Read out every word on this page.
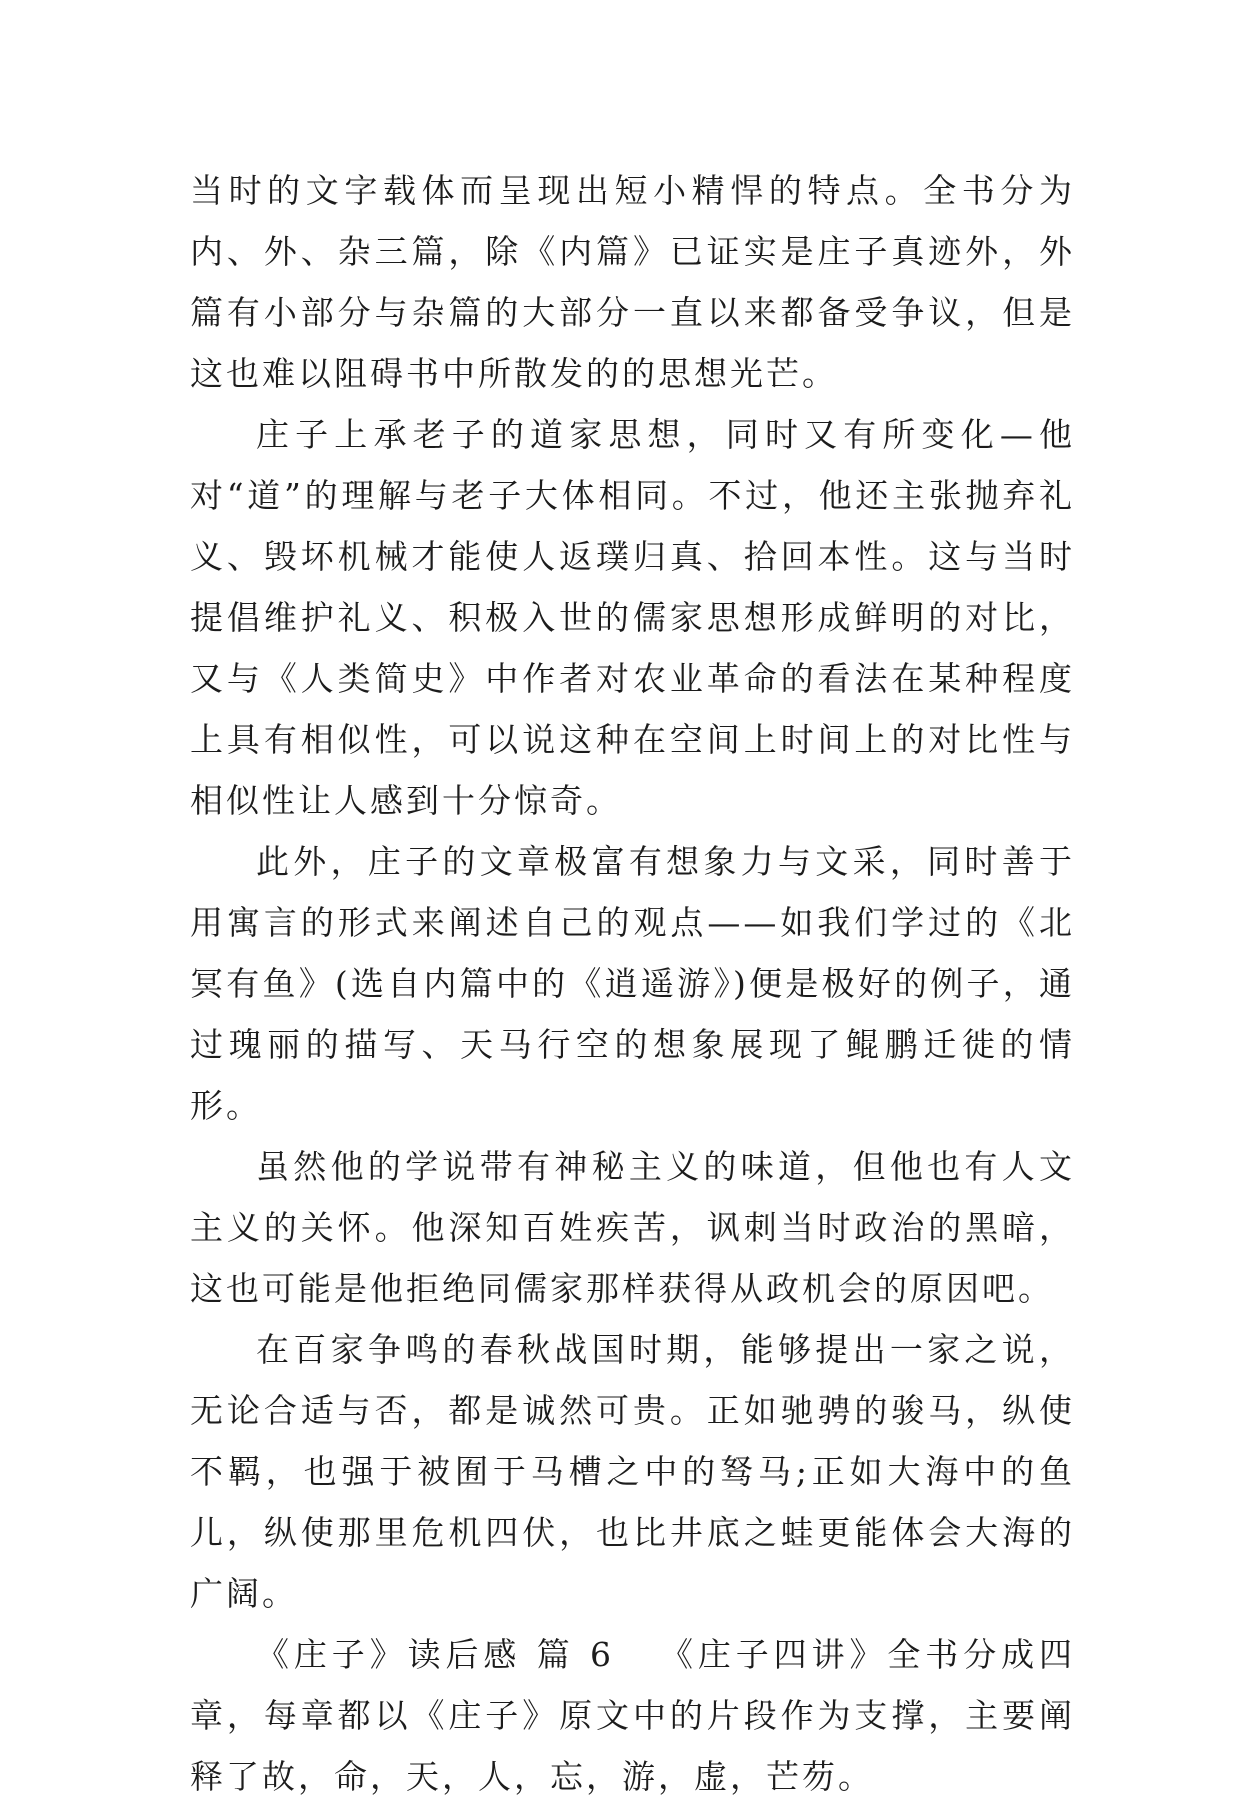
当时的文字载体而呈现出短小精悍的特点。全书分为内、外、杂三篇，除《内篇》已证实是庄子真迹外，外篇有小部分与杂篇的大部分一直以来都备受争议，但是这也难以阻碍书中所散发的的思想光芒。

庄子上承老子的道家思想，同时又有所变化—他对“道”的理解与老子大体相同。不过，他还主张抛弃礼义、毁坏机械才能使人返璞归真、拾回本性。这与当时提倡维护礼义、积极入世的儒家思想形成鲜明的对比，又与《人类简史》中作者对农业革命的看法在某种程度上具有相似性，可以说这种在空间上时间上的对比性与相似性让人感到十分惊奇。

此外，庄子的文章极富有想象力与文采，同时善于用寓言的形式来阐述自己的观点——如我们学过的《北冥有鱼》(选自内篇中的《逍遥游》)便是极好的例子，通过瑰丽的描写、天马行空的想象展现了鲲鹏迁徙的情形。

虽然他的学说带有神秘主义的味道，但他也有人文主义的关怀。他深知百姓疾苦，讽刺当时政治的黑暗，这也可能是他拒绝同儒家那样获得从政机会的原因吧。

在百家争鸣的春秋战国时期，能够提出一家之说，无论合适与否，都是诚然可贵。正如驰骋的骏马，纵使不羁，也强于被囿于马槽之中的驽马;正如大海中的鱼儿，纵使那里危机四伏，也比井底之蛙更能体会大海的广阔。

《庄子》读后感 篇 6 《庄子四讲》全书分成四章，每章都以《庄子》原文中的片段作为支撑，主要阐释了故，命，天，人，忘，游，虚，芒芴。
